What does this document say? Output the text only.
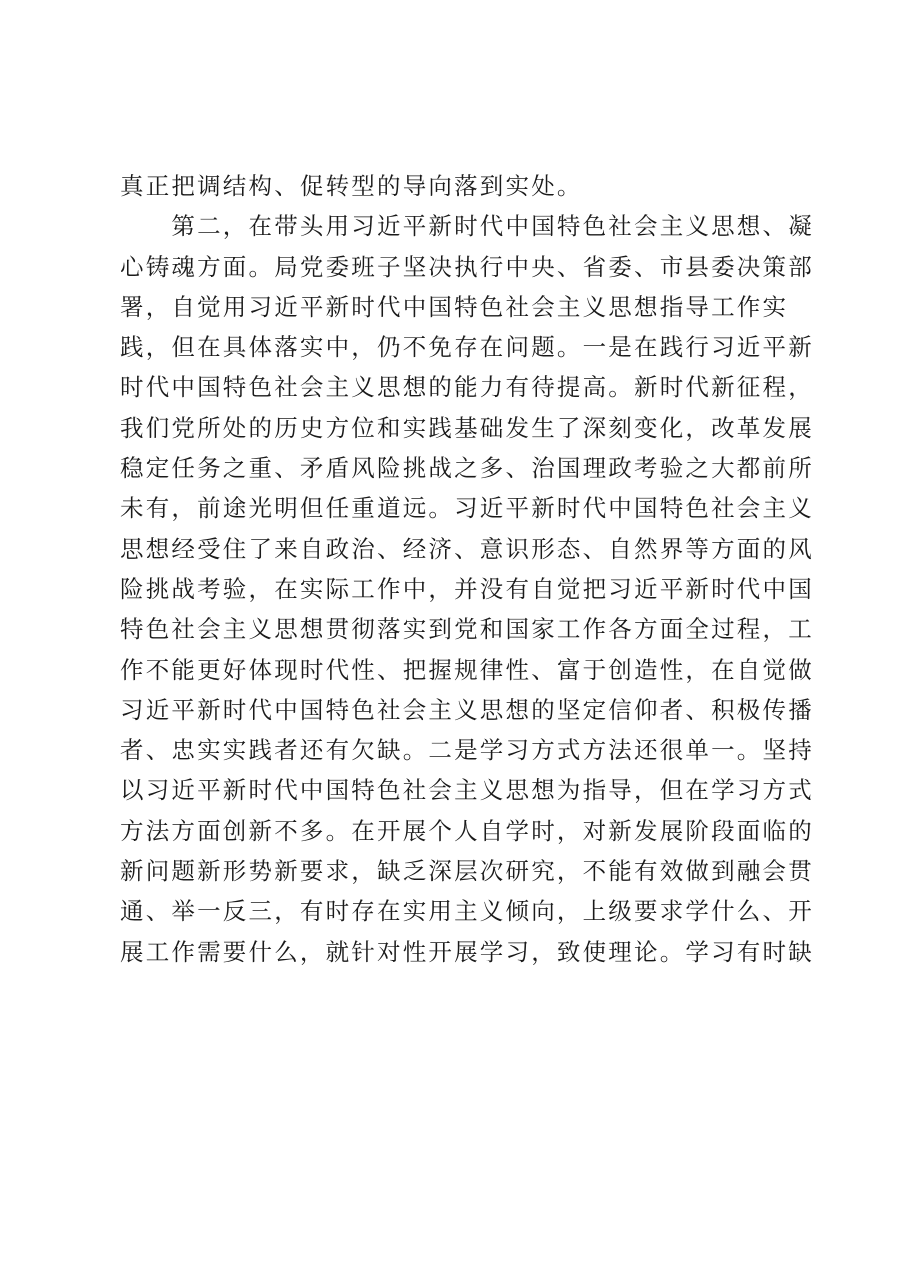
真正把调结构、促转型的导向落到实处。
　　第二，在带头用习近平新时代中国特色社会主义思想、凝
心铸魂方面。局党委班子坚决执行中央、省委、市县委决策部
署，自觉用习近平新时代中国特色社会主义思想指导工作实
践，但在具体落实中，仍不免存在问题。一是在践行习近平新
时代中国特色社会主义思想的能力有待提高。新时代新征程，
我们党所处的历史方位和实践基础发生了深刻变化，改革发展
稳定任务之重、矛盾风险挑战之多、治国理政考验之大都前所
未有，前途光明但任重道远。习近平新时代中国特色社会主义
思想经受住了来自政治、经济、意识形态、自然界等方面的风
险挑战考验，在实际工作中，并没有自觉把习近平新时代中国
特色社会主义思想贯彻落实到党和国家工作各方面全过程，工
作不能更好体现时代性、把握规律性、富于创造性，在自觉做
习近平新时代中国特色社会主义思想的坚定信仰者、积极传播
者、忠实实践者还有欠缺。二是学习方式方法还很单一。坚持
以习近平新时代中国特色社会主义思想为指导，但在学习方式
方法方面创新不多。在开展个人自学时，对新发展阶段面临的
新问题新形势新要求，缺乏深层次研究，不能有效做到融会贯
通、举一反三，有时存在实用主义倾向，上级要求学什么、开
展工作需要什么，就针对性开展学习，致使理论。学习有时缺
